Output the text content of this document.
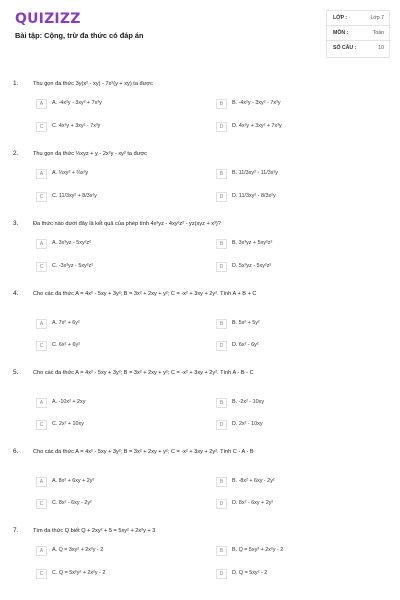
QUIZIZZ
Bài tập: Cộng, trừ đa thức có đáp án
LỚP :	Lớp 7
MÔN :	Toán
SỐ CÂU :	10
1.	Thu gọn đa thức 3y(x² - xy) - 7x²(y + xy) ta được
A	A. -4x²y - 3xy² + 7x³y	B	B. -4x²y - 3xy² - 7x³y
C	C. 4x²y + 3xy² - 7x³y	D	D. 4x²y + 3xy² + 7x³y
2.	Thu gọn đa thức ⅓xyz + y - 2x²y - xy² ta được
A	A. ⅓xy² + ⅔x²y	B	B. 11/3xy² - 11/3x²y
C	C. 11/3xy² + 8/3x²y	D	D. 11/3xy² - 8/3x²y
3.	Đa thức nào dưới đây là kết quả của phép tính 4x³yz - 4xy²z² - yz(xyz + x³)?
A	A. 3x³yz - 5xy²z²	B	B. 3x³yz + 5xy²z²
C	C. -3x³yz - 5xy²z²	D	D. 5x³yz - 5xy²z²
4.	Cho các đa thức A = 4x² - 5xy + 3y²; B = 3x² + 2xy + y²; C = -x² + 3xy + 2y². Tính A + B + C
A	A. 7x² + 6y²	B	B. 5x² + 5y²
C	C. 6x² + 6y²	D	D. 6x² - 6y²
5.	Cho các đa thức A = 4x² - 5xy + 3y²; B = 3x² + 2xy + y²; C = -x² + 3xy + 2y². Tính A - B - C
A	A. -10x² + 2xy	B	B. -2x² - 10xy
C	C. 2x² + 10xy	D	D. 2x² - 10xy
6.	Cho các đa thức A = 4x² - 5xy + 3y²; B = 3x² + 2xy + y²; C = -x² + 3xy + 2y². Tính C - A - B
A	A. 8x² + 6xy + 2y²	B	B. -8x² + 6xy - 2y²
C	C. 8x² - 6xy - 2y²	D	D. 8x² - 6xy + 2y²
7.	Tìm đa thức Q biết Q + 2xy² + 5 = 5xy² + 2x²y + 3
A	A. Q = 3xy² + 2x²y - 2	B	B. Q = 5xy² + 2x²y - 2
C	C. Q = 5x²y² + 2x²y - 2	D	D. Q = 5xy² - 2
